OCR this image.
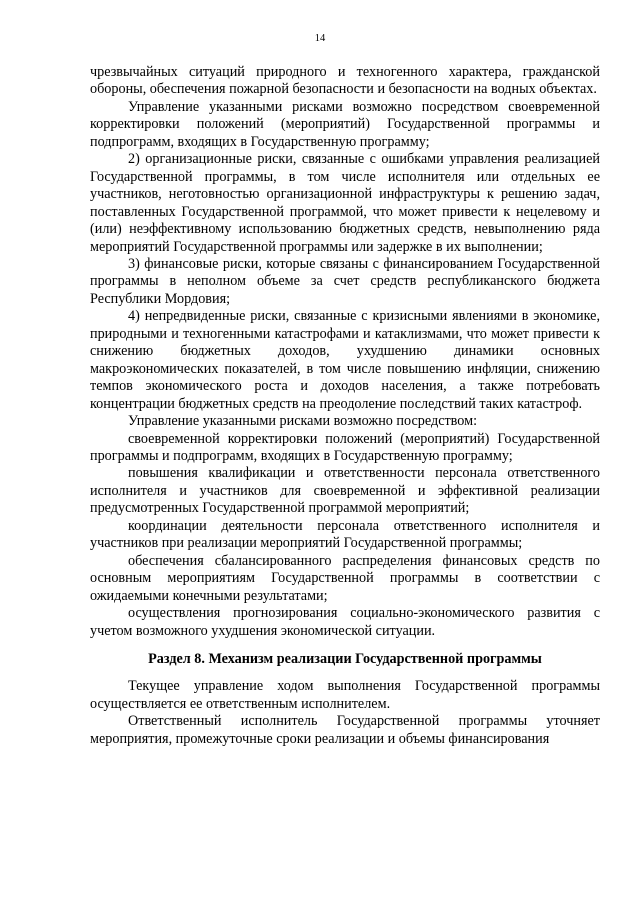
14

чрезвычайных ситуаций природного и техногенного характера, гражданской обороны, обеспечения пожарной безопасности и безопасности на водных объектах.

Управление указанными рисками возможно посредством своевременной корректировки положений (мероприятий) Государственной программы и подпрограмм, входящих в Государственную программу;

2) организационные риски, связанные с ошибками управления реализацией Государственной программы, в том числе исполнителя или отдельных ее участников, неготовностью организационной инфраструктуры к решению задач, поставленных Государственной программой, что может привести к нецелевому и (или) неэффективному использованию бюджетных средств, невыполнению ряда мероприятий Государственной программы или задержке в их выполнении;

3) финансовые риски, которые связаны с финансированием Государственной программы в неполном объеме за счет средств республиканского бюджета Республики Мордовия;

4) непредвиденные риски, связанные с кризисными явлениями в экономике, природными и техногенными катастрофами и катаклизмами, что может привести к снижению бюджетных доходов, ухудшению динамики основных макроэкономических показателей, в том числе повышению инфляции, снижению темпов экономического роста и доходов населения, а также потребовать концентрации бюджетных средств на преодоление последствий таких катастроф.

Управление указанными рисками возможно посредством:

своевременной корректировки положений (мероприятий) Государственной программы и подпрограмм, входящих в Государственную программу;

повышения квалификации и ответственности персонала ответственного исполнителя и участников для своевременной и эффективной реализации предусмотренных Государственной программой мероприятий;

координации деятельности персонала ответственного исполнителя и участников при реализации мероприятий Государственной программы;

обеспечения сбалансированного распределения финансовых средств по основным мероприятиям Государственной программы в соответствии с ожидаемыми конечными результатами;

осуществления прогнозирования социально-экономического развития с учетом возможного ухудшения экономической ситуации.

Раздел 8. Механизм реализации Государственной программы

Текущее управление ходом выполнения Государственной программы осуществляется ее ответственным исполнителем.

Ответственный исполнитель Государственной программы уточняет мероприятия, промежуточные сроки реализации и объемы финансирования
